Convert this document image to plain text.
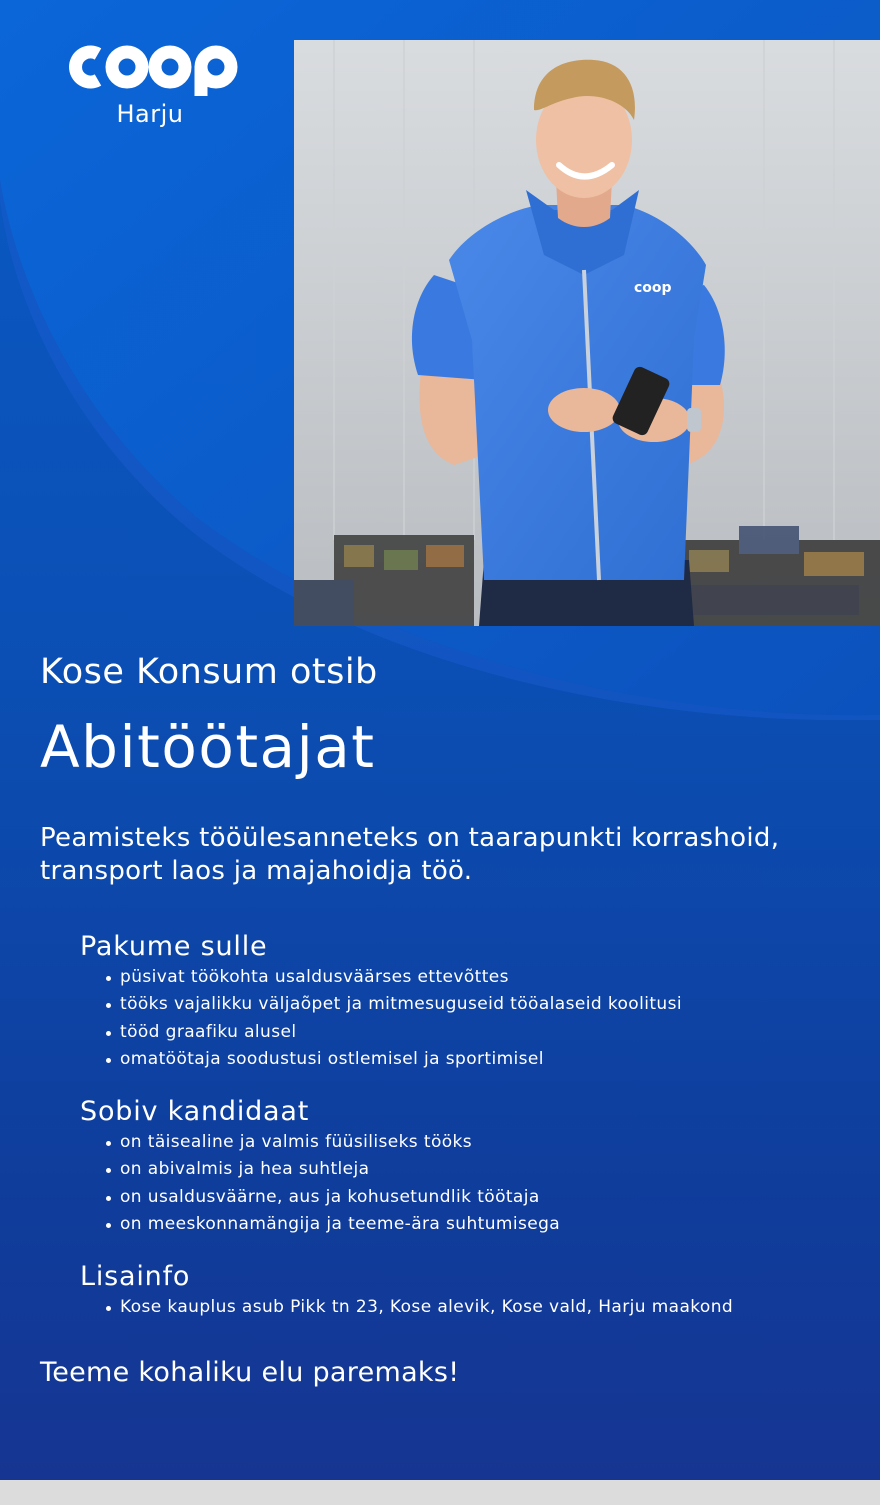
Harju
coop
Kose Konsum otsib
Abitöötajat
Peamisteks tööülesanneteks on taarapunkti korrashoid, transport laos ja majahoidja töö.
Pakume sulle
püsivat töökohta usaldusväärses ettevõttes
tööks vajalikku väljaõpet ja mitmesuguseid tööalaseid koolitusi
tööd graafiku alusel
omatöötaja soodustusi ostlemisel ja sportimisel
Sobiv kandidaat
on täisealine ja valmis füüsiliseks tööks
on abivalmis ja hea suhtleja
on usaldusväärne, aus ja kohusetundlik töötaja
on meeskonnamängija ja teeme-ära suhtumisega
Lisainfo
Kose kauplus asub Pikk tn 23, Kose alevik, Kose vald, Harju maakond
Teeme kohaliku elu paremaks!
